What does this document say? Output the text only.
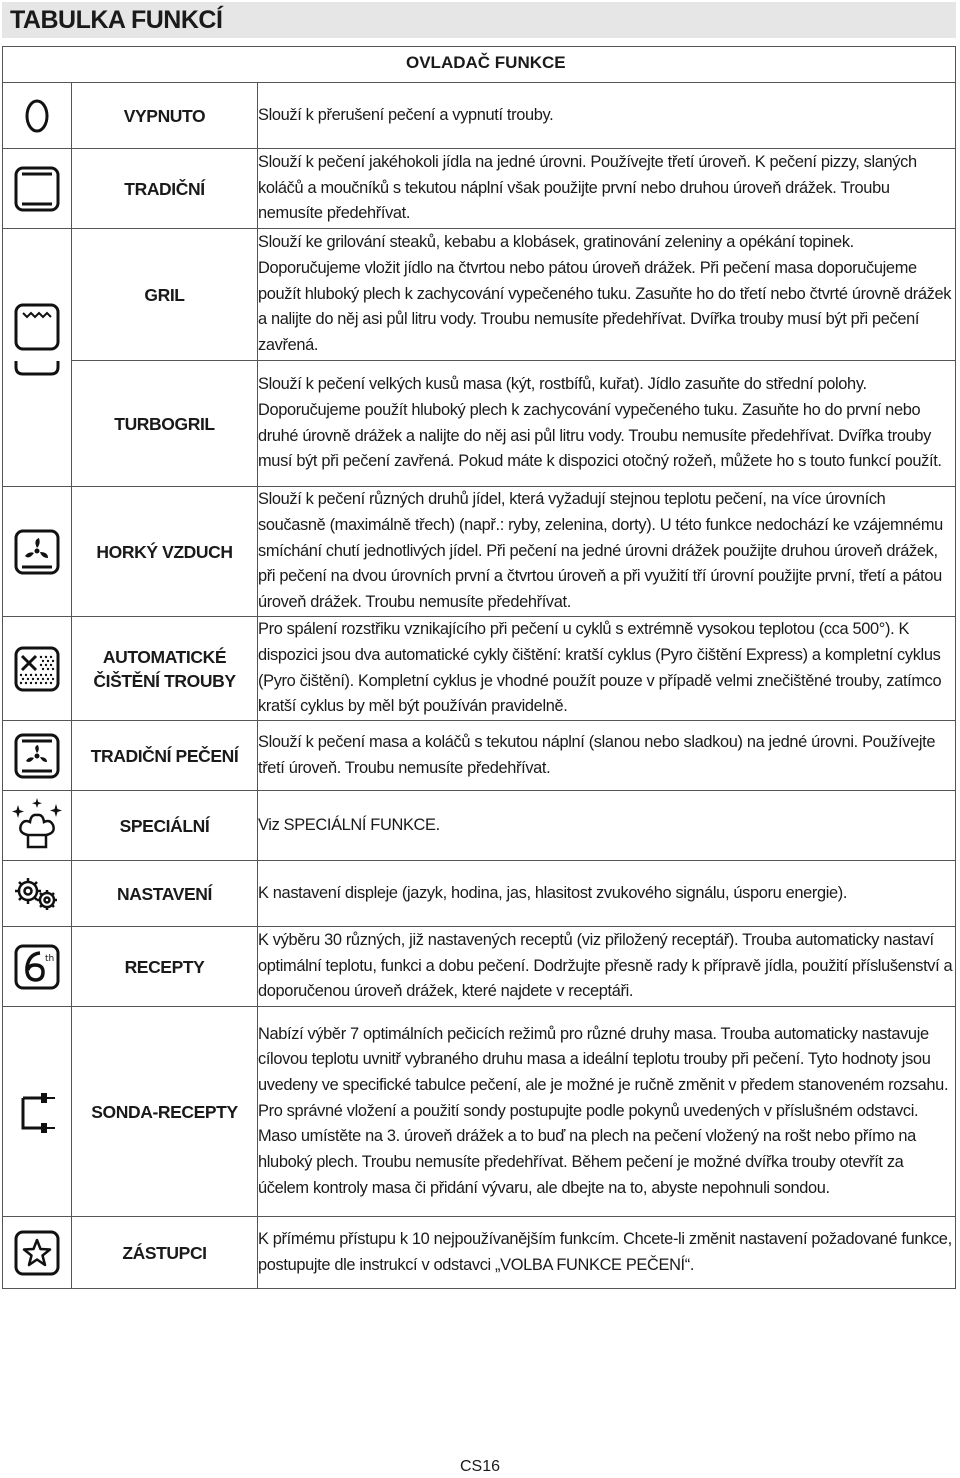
TABULKA FUNKCÍ
OVLADAČ FUNKCE
	VYPNUTO	Slouží k přerušení pečení a vypnutí trouby.

	TRADIČNÍ	Slouží k pečení jakéhokoli jídla na jedné úrovni. Používejte třetí úroveň. K pečení pizzy, slaných koláčů a moučníků s tekutou náplní však použijte první nebo druhou úroveň drážek. Troubu nemusíte předehřívat.

	GRIL	Slouží ke grilování steaků, kebabu a klobásek, gratinování zeleniny a opékání topinek. Doporučujeme vložit jídlo na čtvrtou nebo pátou úroveň drážek. Při pečení masa doporučujeme použít hluboký plech k zachycování vypečeného tuku. Zasuňte ho do třetí nebo čtvrté úrovně drážek a nalijte do něj asi půl litru vody. Troubu nemusíte předehřívat. Dvířka trouby musí být při pečení zavřená.

	TURBOGRIL	Slouží k pečení velkých kusů masa (kýt, rostbífů, kuřat). Jídlo zasuňte do střední polohy. Doporučujeme použít hluboký plech k zachycování vypečeného tuku. Zasuňte ho do první nebo druhé úrovně drážek a nalijte do něj asi půl litru vody. Troubu nemusíte předehřívat. Dvířka trouby musí být při pečení zavřená. Pokud máte k dispozici otočný rožeň, můžete ho s touto funkcí použít.

	HORKÝ VZDUCH	Slouží k pečení různých druhů jídel, která vyžadují stejnou teplotu pečení, na více úrovních současně (maximálně třech) (např.: ryby, zelenina, dorty). U této funkce nedochází ke vzájemnému smíchání chutí jednotlivých jídel. Při pečení na jedné úrovni drážek použijte druhou úroveň drážek, při pečení na dvou úrovních první a čtvrtou úroveň a při využití tří úrovní použijte první, třetí a pátou úroveň drážek. Troubu nemusíte předehřívat.

	AUTOMATICKÉ ČIŠTĚNÍ TROUBY	Pro spálení rozstřiku vznikajícího při pečení u cyklů s extrémně vysokou teplotou (cca 500°). K dispozici jsou dva automatické cykly čištění: kratší cyklus (Pyro čištění Express) a kompletní cyklus (Pyro čištění). Kompletní cyklus je vhodné použít pouze v případě velmi znečištěné trouby, zatímco kratší cyklus by měl být používán pravidelně.

	TRADIČNÍ PEČENÍ	Slouží k pečení masa a koláčů s tekutou náplní (slanou nebo sladkou) na jedné úrovni. Používejte třetí úroveň. Troubu nemusíte předehřívat.

	SPECIÁLNÍ	Viz SPECIÁLNÍ FUNKCE.

	NASTAVENÍ	K nastavení displeje (jazyk, hodina, jas, hlasitost zvukového signálu, úsporu energie).

th	RECEPTY	K výběru 30 různých, již nastavených receptů (viz přiložený receptář). Trouba automaticky nastaví optimální teplotu, funkci a dobu pečení. Dodržujte přesně rady k přípravě jídla, použití příslušenství a doporučenou úroveň drážek, které najdete v receptáři.

	SONDA-RECEPTY	Nabízí výběr 7 optimálních pečicích režimů pro různé druhy masa. Trouba automaticky nastavuje cílovou teplotu uvnitř vybraného druhu masa a ideální teplotu trouby při pečení. Tyto hodnoty jsou uvedeny ve specifické tabulce pečení, ale je možné je ručně změnit v předem stanoveném rozsahu. Pro správné vložení a použití sondy postupujte podle pokynů uvedených v příslušném odstavci. Maso umístěte na 3. úroveň drážek a to buď na plech na pečení vložený na rošt nebo přímo na hluboký plech. Troubu nemusíte předehřívat. Během pečení je možné dvířka trouby otevřít za účelem kontroly masa či přidání vývaru, ale dbejte na to, abyste nepohnuli sondou.

	ZÁSTUPCI	K přímému přístupu k 10 nejpoužívanějším funkcím. Chcete-li změnit nastavení požadované funkce, postupujte dle instrukcí v odstavci „VOLBA FUNKCE PEČENÍ“.
CS16
